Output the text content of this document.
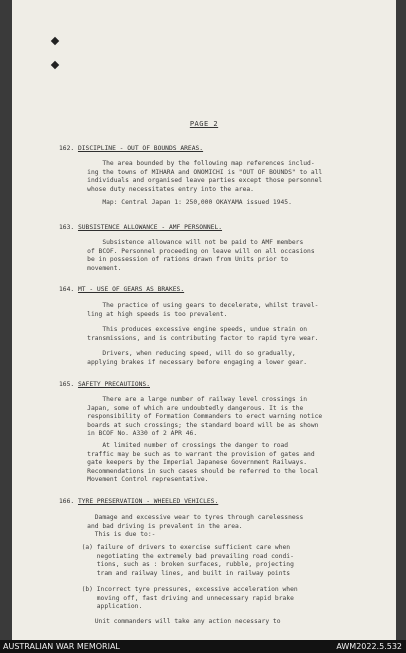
PAGE 2
162. DISCIPLINE - OUT OF BOUNDS AREAS.
The area bounded by the following map references includ-
ing the towns of MIHARA and ONOMICHI is "OUT OF BOUNDS" to all
individuals and organised leave parties except those personnel
whose duty necessitates entry into the area.
Map: Central Japan 1: 250,000 OKAYAMA issued 1945.
163. SUBSISTENCE ALLOWANCE - AMF PERSONNEL.
Subsistence allowance will not be paid to AMF members
of BCOF. Personnel proceeding on leave will on all occasions
be in possession of rations drawn from Units prior to
movement.
164. MT - USE OF GEARS AS BRAKES.
The practice of using gears to decelerate, whilst travel-
ling at high speeds is too prevalent.
This produces excessive engine speeds, undue strain on
transmissions, and is contributing factor to rapid tyre wear.
Drivers, when reducing speed, will do so gradually,
applying brakes if necessary before engaging a lower gear.
165. SAFETY PRECAUTIONS.
There are a large number of railway level crossings in
Japan, some of which are undoubtedly dangerous. It is the
responsibility of Formation Commanders to erect warning notice
boards at such crossings; the standard board will be as shown
in BCOF No. A330 of 2 APR 46.
At limited number of crossings the danger to road
traffic may be such as to warrant the provision of gates and
gate keepers by the Imperial Japanese Government Railways.
Recommendations in such cases should be referred to the local
Movement Control representative.
166. TYRE PRESERVATION - WHEELED VEHICLES.
Damage and excessive wear to tyres through carelessness
and bad driving is prevalent in the area.
This is due to:-
(a) failure of drivers to exercise sufficient care when
negotiating the extremely bad prevailing road condi-
tions, such as : broken surfaces, rubble, projecting
tram and railway lines, and built in railway points
(b) Incorrect tyre pressures, excessive acceleration when
moving off, fast driving and unnecessary rapid brake
application.
Unit commanders will take any action necessary to
AUSTRALIAN WAR MEMORIAL	AWM2022.5.532
